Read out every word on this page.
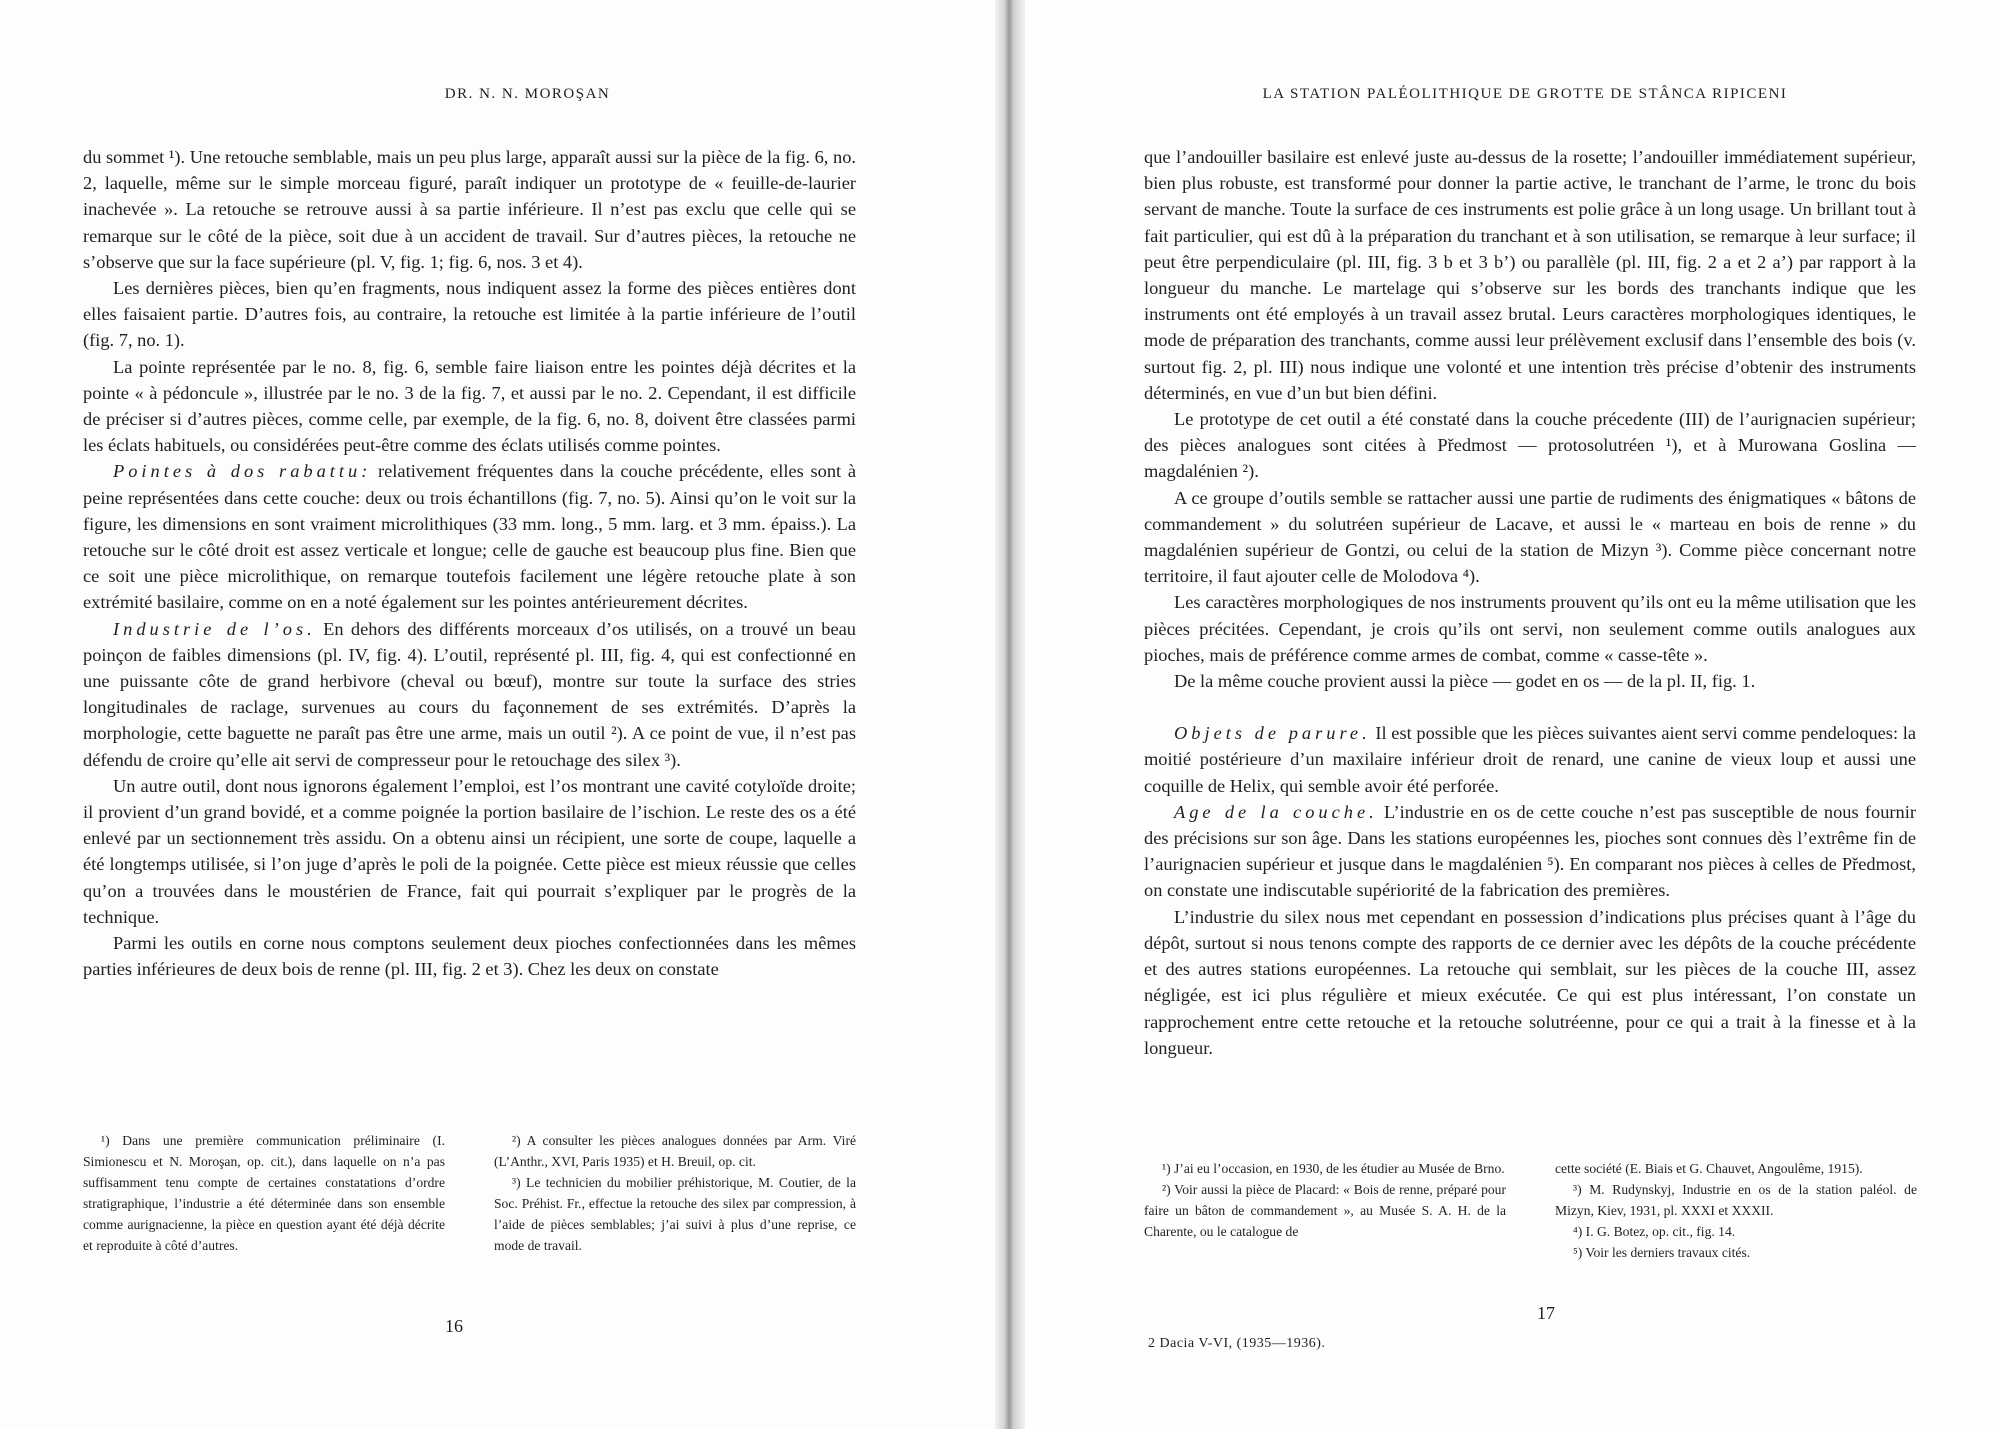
DR. N. N. MOROŞAN

du sommet ¹). Une retouche semblable, mais un peu plus large, apparaît aussi sur la pièce de la fig. 6, no. 2, laquelle, même sur le simple morceau figuré, paraît indiquer un prototype de « feuille-de-laurier inachevée ». La retouche se retrouve aussi à sa partie inférieure. Il n’est pas exclu que celle qui se remarque sur le côté de la pièce, soit due à un accident de travail. Sur d’autres pièces, la retouche ne s’observe que sur la face supérieure (pl. V, fig. 1; fig. 6, nos. 3 et 4).

Les dernières pièces, bien qu’en fragments, nous indiquent assez la forme des pièces entières dont elles faisaient partie. D’autres fois, au contraire, la retouche est limitée à la partie inférieure de l’outil (fig. 7, no. 1).

La pointe représentée par le no. 8, fig. 6, semble faire liaison entre les pointes déjà décrites et la pointe « à pédoncule », illustrée par le no. 3 de la fig. 7, et aussi par le no. 2. Cependant, il est difficile de préciser si d’autres pièces, comme celle, par exemple, de la fig. 6, no. 8, doivent être classées parmi les éclats habituels, ou considérées peut-être comme des éclats utilisés comme pointes.

Pointes à dos rabattu: relativement fréquentes dans la couche précédente, elles sont à peine représentées dans cette couche: deux ou trois échantillons (fig. 7, no. 5). Ainsi qu’on le voit sur la figure, les dimensions en sont vraiment microlithiques (33 mm. long., 5 mm. larg. et 3 mm. épaiss.). La retouche sur le côté droit est assez verticale et longue; celle de gauche est beaucoup plus fine. Bien que ce soit une pièce microlithique, on remarque toutefois facilement une légère retouche plate à son extrémité basilaire, comme on en a noté également sur les pointes antérieurement décrites.

Industrie de l’os. En dehors des différents morceaux d’os utilisés, on a trouvé un beau poinçon de faibles dimensions (pl. IV, fig. 4). L’outil, représenté pl. III, fig. 4, qui est confectionné en une puissante côte de grand herbivore (cheval ou bœuf), montre sur toute la surface des stries longitudinales de raclage, survenues au cours du façonnement de ses extrémités. D’après la morphologie, cette baguette ne paraît pas être une arme, mais un outil ²). A ce point de vue, il n’est pas défendu de croire qu’elle ait servi de compresseur pour le retouchage des silex ³).

Un autre outil, dont nous ignorons également l’emploi, est l’os montrant une cavité cotyloïde droite; il provient d’un grand bovidé, et a comme poignée la portion basilaire de l’ischion. Le reste des os a été enlevé par un sectionnement très assidu. On a obtenu ainsi un récipient, une sorte de coupe, laquelle a été longtemps utilisée, si l’on juge d’après le poli de la poignée. Cette pièce est mieux réussie que celles qu’on a trouvées dans le moustérien de France, fait qui pourrait s’expliquer par le progrès de la technique.

Parmi les outils en corne nous comptons seulement deux pioches confectionnées dans les mêmes parties inférieures de deux bois de renne (pl. III, fig. 2 et 3). Chez les deux on constate

¹) Dans une première communication préliminaire (I. Simionescu et N. Moroşan, op. cit.), dans laquelle on n’a pas suffisamment tenu compte de certaines constatations d’ordre stratigraphique, l’industrie a été déterminée dans son ensemble comme aurignacienne, la pièce en question ayant été déjà décrite et reproduite à côté d’autres.

²) A consulter les pièces analogues données par Arm. Viré (L’Anthr., XVI, Paris 1935) et H. Breuil, op. cit.

³) Le technicien du mobilier préhistorique, M. Coutier, de la Soc. Préhist. Fr., effectue la retouche des silex par compression, à l’aide de pièces semblables; j’ai suivi à plus d’une reprise, ce mode de travail.

16
LA STATION PALÉOLITHIQUE DE GROTTE DE STÂNCA RIPICENI

que l’andouiller basilaire est enlevé juste au-dessus de la rosette; l’andouiller immédiatement supérieur, bien plus robuste, est transformé pour donner la partie active, le tranchant de l’arme, le tronc du bois servant de manche. Toute la surface de ces instruments est polie grâce à un long usage. Un brillant tout à fait particulier, qui est dû à la préparation du tranchant et à son utilisation, se remarque à leur surface; il peut être perpendiculaire (pl. III, fig. 3 b et 3 b’) ou parallèle (pl. III, fig. 2 a et 2 a’) par rapport à la longueur du manche. Le martelage qui s’observe sur les bords des tranchants indique que les instruments ont été employés à un travail assez brutal. Leurs caractères morphologiques identiques, le mode de préparation des tranchants, comme aussi leur prélèvement exclusif dans l’ensemble des bois (v. surtout fig. 2, pl. III) nous indique une volonté et une intention très précise d’obtenir des instruments déterminés, en vue d’un but bien défini.

Le prototype de cet outil a été constaté dans la couche précedente (III) de l’aurignacien supérieur; des pièces analogues sont citées à Předmost — protosolutréen ¹), et à Murowana Goslina — magdalénien ²).

A ce groupe d’outils semble se rattacher aussi une partie de rudiments des énigmatiques « bâtons de commandement » du solutréen supérieur de Lacave, et aussi le « marteau en bois de renne » du magdalénien supérieur de Gontzi, ou celui de la station de Mizyn ³). Comme pièce concernant notre territoire, il faut ajouter celle de Molodova ⁴).

Les caractères morphologiques de nos instruments prouvent qu’ils ont eu la même utilisation que les pièces précitées. Cependant, je crois qu’ils ont servi, non seulement comme outils analogues aux pioches, mais de préférence comme armes de combat, comme « casse-tête ».

De la même couche provient aussi la pièce — godet en os — de la pl. II, fig. 1.

Objets de parure. Il est possible que les pièces suivantes aient servi comme pendeloques: la moitié postérieure d’un maxilaire inférieur droit de renard, une canine de vieux loup et aussi une coquille de Helix, qui semble avoir été perforée.

Age de la couche. L’industrie en os de cette couche n’est pas susceptible de nous fournir des précisions sur son âge. Dans les stations européennes les, pioches sont connues dès l’extrême fin de l’aurignacien supérieur et jusque dans le magdalénien ⁵). En comparant nos pièces à celles de Předmost, on constate une indiscutable supériorité de la fabrication des premières.

L’industrie du silex nous met cependant en possession d’indications plus précises quant à l’âge du dépôt, surtout si nous tenons compte des rapports de ce dernier avec les dépôts de la couche précédente et des autres stations européennes. La retouche qui semblait, sur les pièces de la couche III, assez négligée, est ici plus régulière et mieux exécutée. Ce qui est plus intéressant, l’on constate un rapprochement entre cette retouche et la retouche solutréenne, pour ce qui a trait à la finesse et à la longueur.

¹) J’ai eu l’occasion, en 1930, de les étudier au Musée de Brno.

²) Voir aussi la pièce de Placard: « Bois de renne, préparé pour faire un bâton de commandement », au Musée S. A. H. de la Charente, ou le catalogue de

cette société (E. Biais et G. Chauvet, Angoulême, 1915).

³) M. Rudynskyj, Industrie en os de la station paléol. de Mizyn, Kiev, 1931, pl. XXXI et XXXII.

⁴) I. G. Botez, op. cit., fig. 14.

⁵) Voir les derniers travaux cités.

17
2 Dacia V-VI, (1935—1936).
